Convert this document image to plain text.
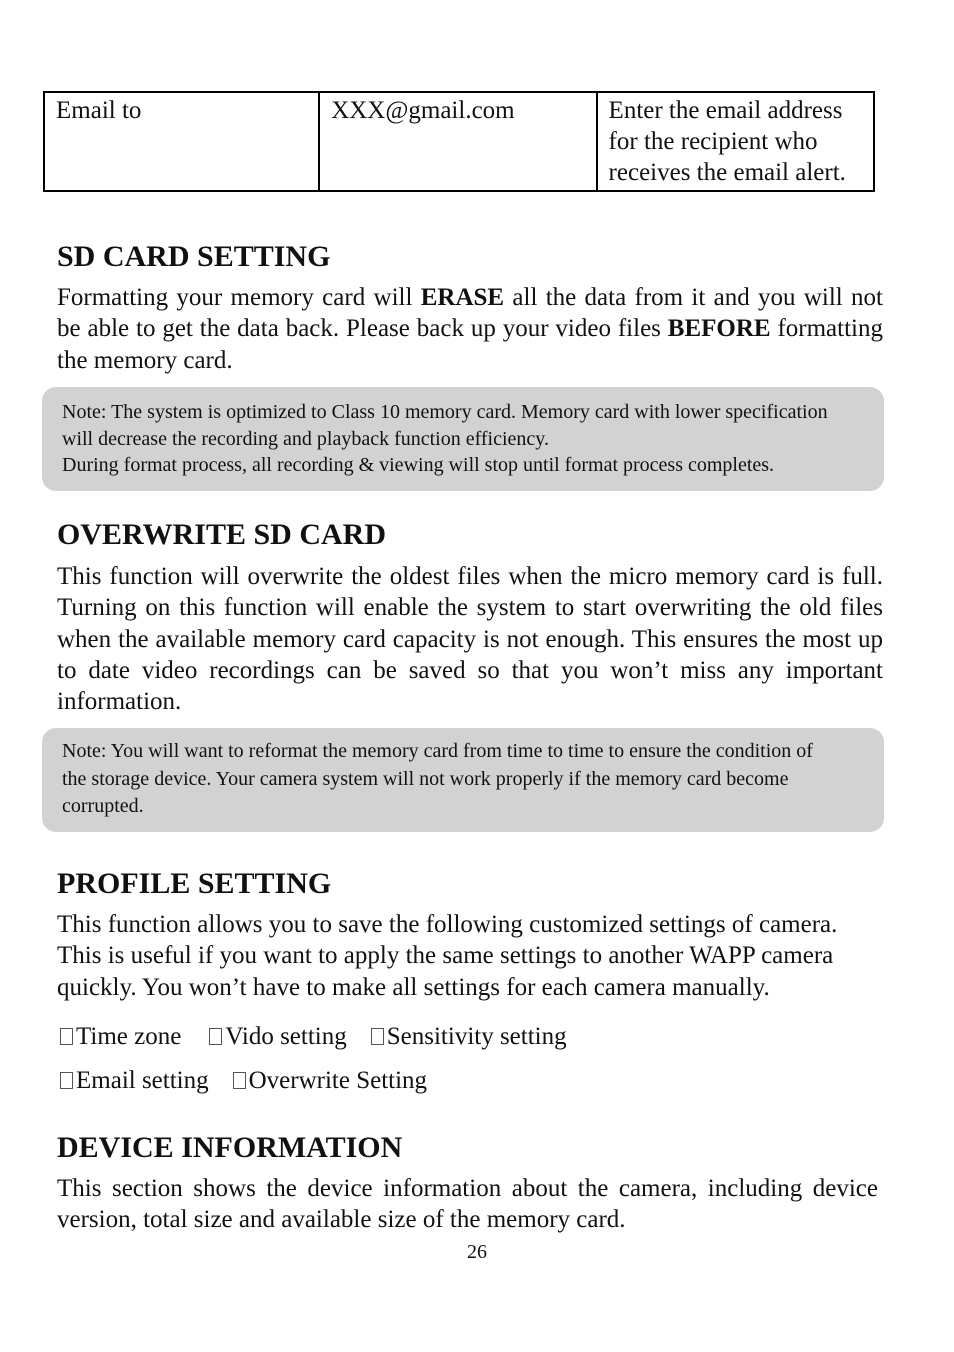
Email to	XXX@gmail.com	Enter the email address for the recipient who receives the email alert.
SD CARD SETTING

Formatting your memory card will ERASE all the data from it and you will not be able to get the data back. Please back up your video files BEFORE formatting the memory card.

Note: The system is optimized to Class 10 memory card. Memory card with lower specification will decrease the recording and playback function efficiency.

During format process, all recording & viewing will stop until format process completes.

OVERWRITE SD CARD

This function will overwrite the oldest files when the micro memory card is full. Turning on this function will enable the system to start overwriting the old files when the available memory card capacity is not enough. This ensures the most up to date video recordings can be saved so that you won’t miss any important information.

Note: You will want to reformat the memory card from time to time to ensure the condition of the storage device. Your camera system will not work properly if the memory card become corrupted.

PROFILE SETTING

This function allows you to save the following customized settings of camera. This is useful if you want to apply the same settings to another WAPP camera quickly. You won’t have to make all settings for each camera manually.

Time zone Vido setting Sensitivity setting
Email setting Overwrite Setting
DEVICE INFORMATION

This section shows the device information about the camera, including device version, total size and available size of the memory card.

26
